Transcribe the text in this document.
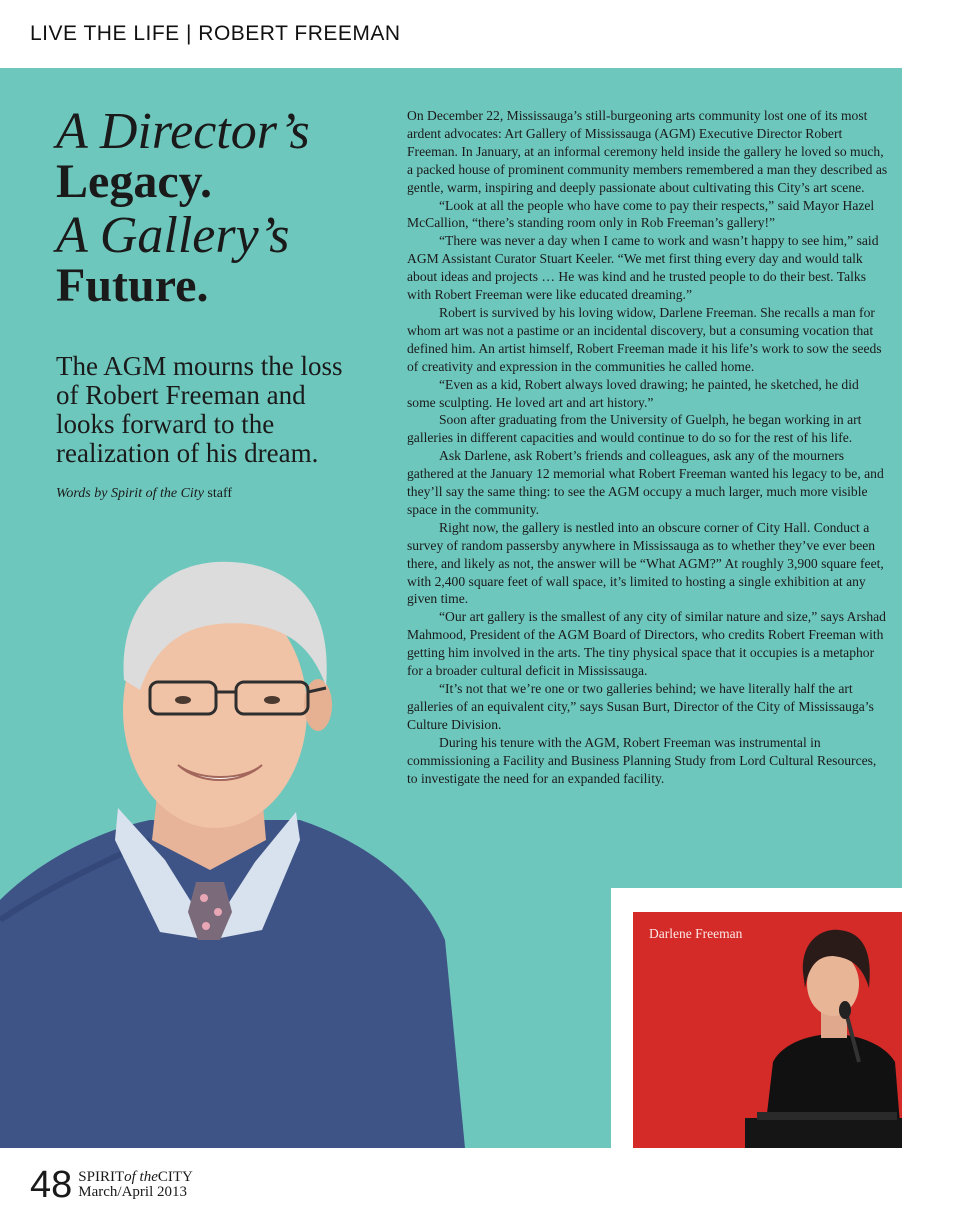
LIVE THE LIFE | ROBERT FREEMAN
A Director’s
Legacy.
A Gallery’s
Future.
The AGM mourns the loss of Robert Freeman and looks forward to the realization of his dream.
Words by Spirit of the City staff

On December 22, Mississauga’s still-burgeoning arts community lost one of its most ardent advocates: Art Gallery of Mississauga (AGM) Executive Director Robert Freeman. In January, at an informal ceremony held inside the gallery he loved so much, a packed house of prominent community members remembered a man they described as gentle, warm, inspiring and deeply passionate about cultivating this City’s art scene.

“Look at all the people who have come to pay their respects,” said Mayor Hazel McCallion, “there’s standing room only in Rob Freeman’s gallery!”

“There was never a day when I came to work and wasn’t happy to see him,” said AGM Assistant Curator Stuart Keeler. “We met first thing every day and would talk about ideas and projects … He was kind and he trusted people to do their best. Talks with Robert Freeman were like educated dreaming.”

Robert is survived by his loving widow, Darlene Freeman. She recalls a man for whom art was not a pastime or an incidental discovery, but a consuming vocation that defined him. An artist himself, Robert Freeman made it his life’s work to sow the seeds of creativity and expression in the communities he called home.

“Even as a kid, Robert always loved drawing; he painted, he sketched, he did some sculpting. He loved art and art history.”

Soon after graduating from the University of Guelph, he began working in art galleries in different capacities and would continue to do so for the rest of his life.

Ask Darlene, ask Robert’s friends and colleagues, ask any of the mourners gathered at the January 12 memorial what Robert Freeman wanted his legacy to be, and they’ll say the same thing: to see the AGM occupy a much larger, much more visible space in the community.

Right now, the gallery is nestled into an obscure corner of City Hall. Conduct a survey of random passersby anywhere in Mississauga as to whether they’ve ever been there, and likely as not, the answer will be “What AGM?” At roughly 3,900 square feet, with 2,400 square feet of wall space, it’s limited to hosting a single exhibition at any given time.

“Our art gallery is the smallest of any city of similar nature and size,” says Arshad Mahmood, President of the AGM Board of Directors, who credits Robert Freeman with getting him involved in the arts. The tiny physical space that it occupies is a metaphor for a broader cultural deficit in Mississauga.

“It’s not that we’re one or two galleries behind; we have literally half the art galleries of an equivalent city,” says Susan Burt, Director of the City of Mississauga’s Culture Division.

During his tenure with the AGM, Robert Freeman was instrumental in commissioning a Facility and Business Planning Study from Lord Cultural Resources, to investigate the need for an expanded facility.

Darlene Freeman
48 SPIRITof theCITY
March/April 2013
